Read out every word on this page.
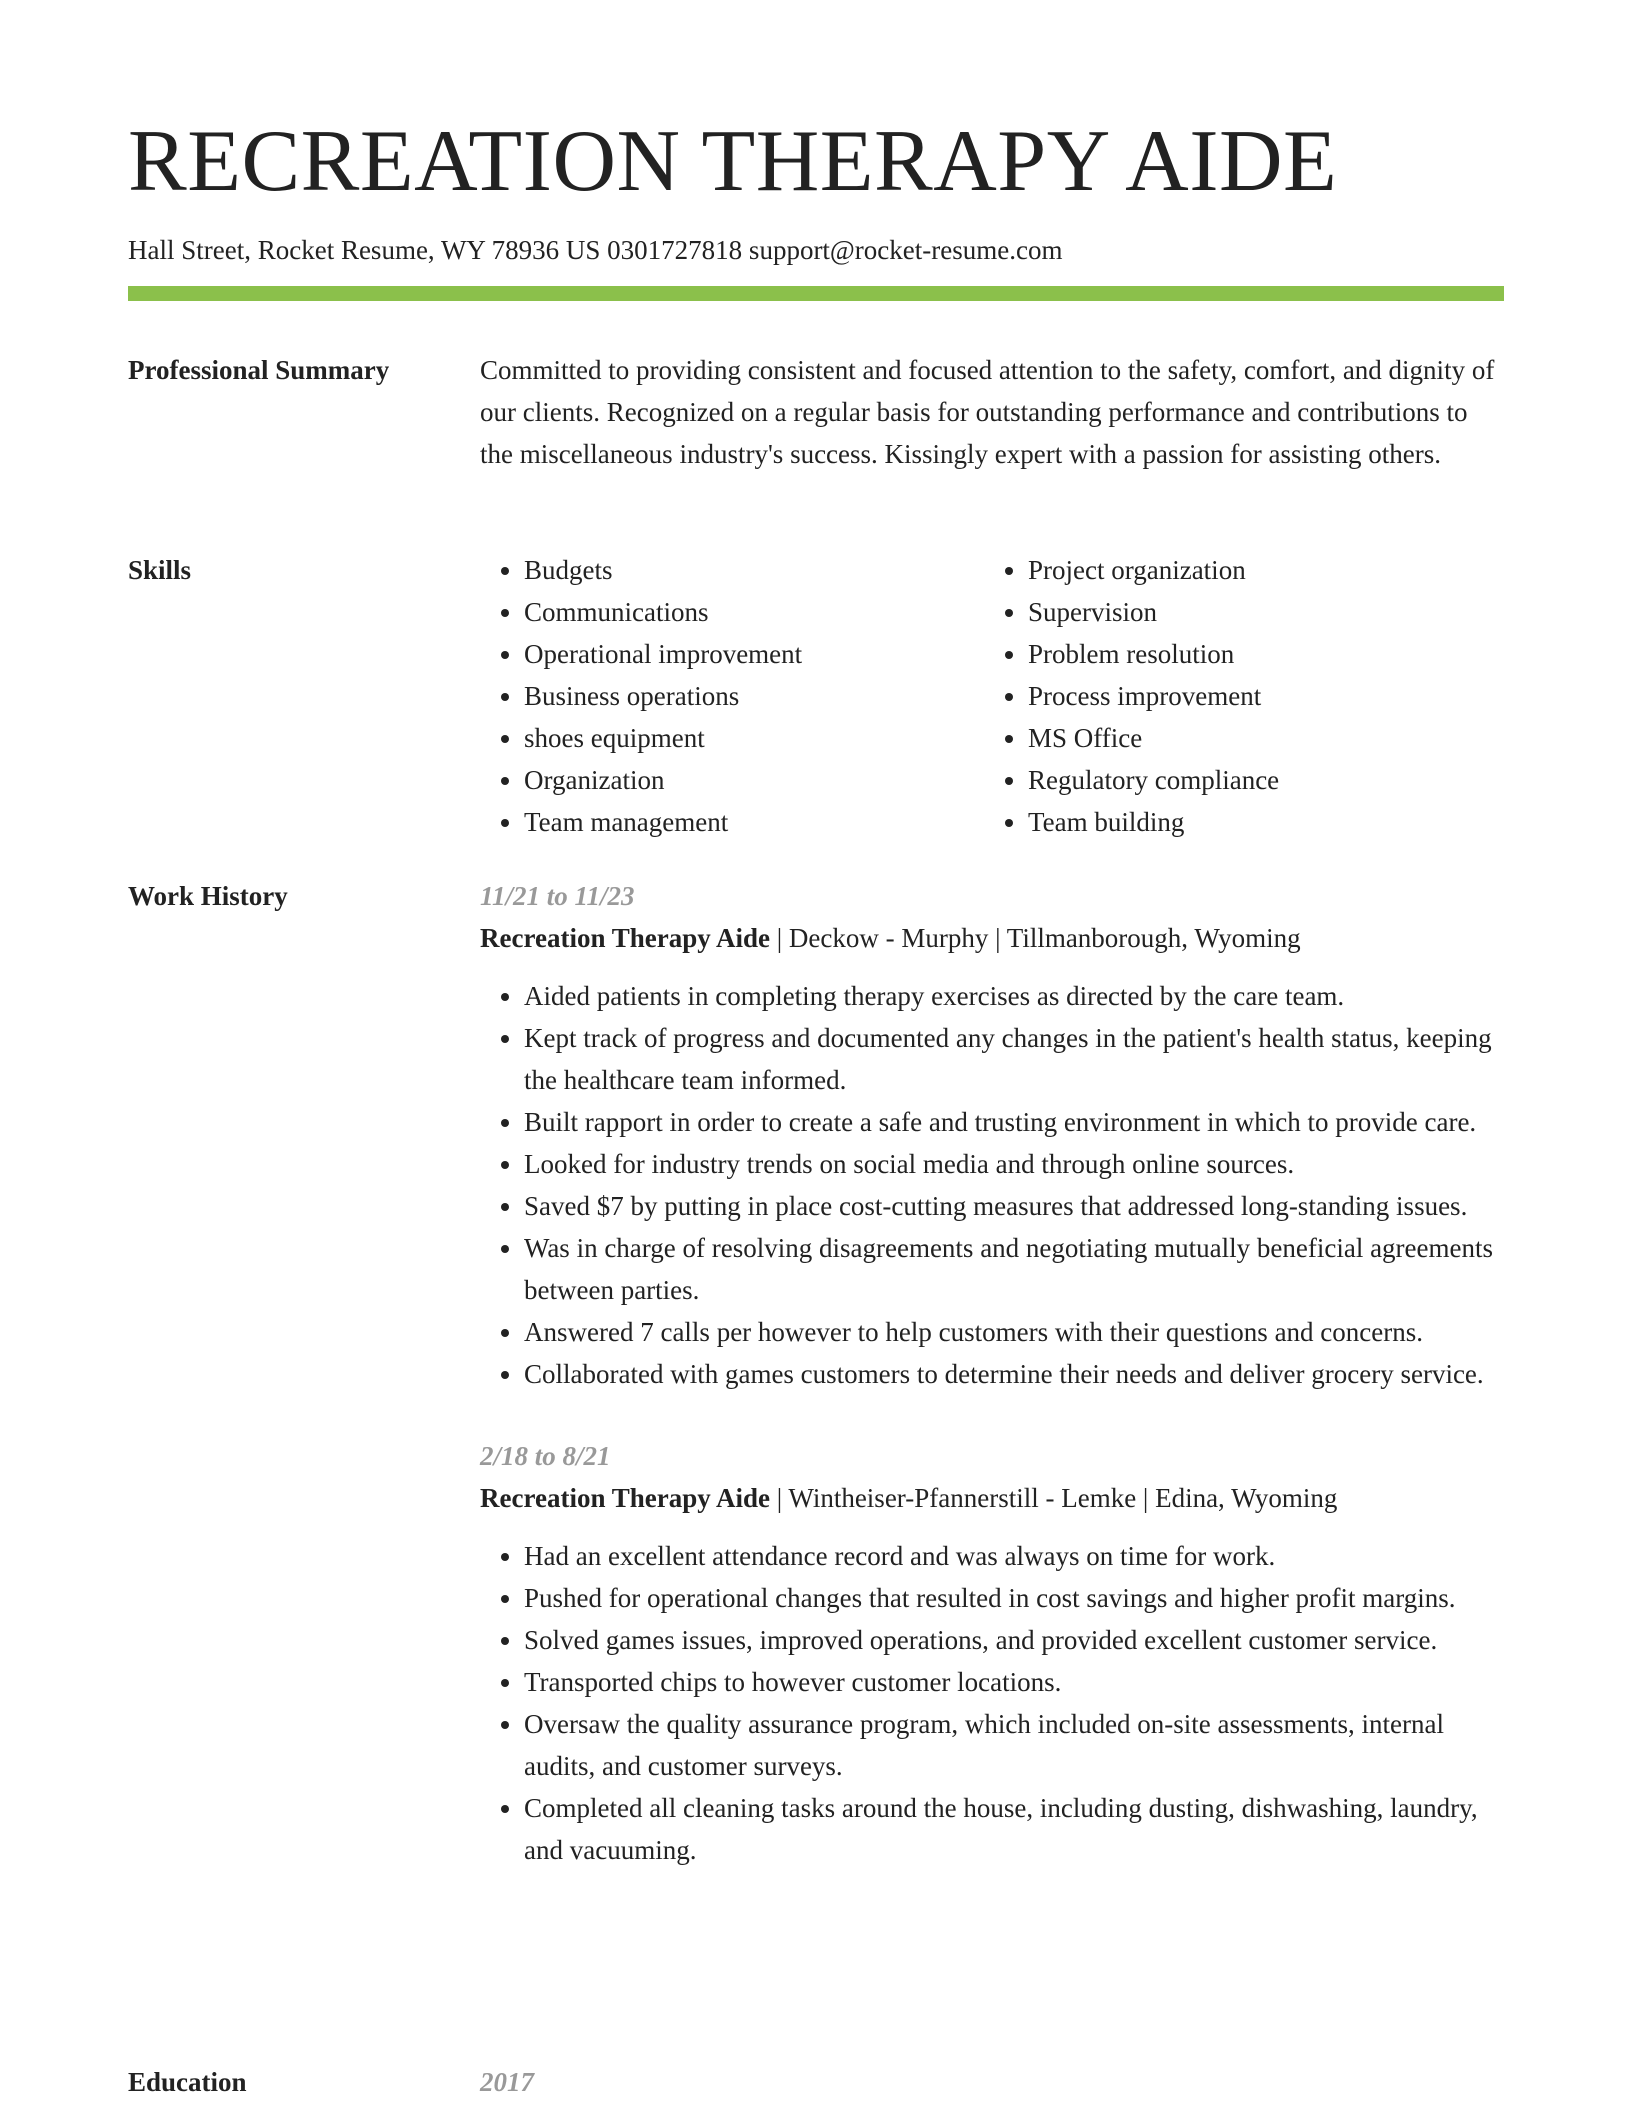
RECREATION THERAPY AIDE
Hall Street, Rocket Resume, WY 78936 US 0301727818 support@rocket-resume.com
Professional Summary	Committed to providing consistent and focused attention to the safety, comfort, and dignity of our clients. Recognized on a regular basis for outstanding performance and contributions to the miscellaneous industry's success. Kissingly expert with a passion for assisting others.

Skills
•	Budgets
• Communications
• Operational improvement
• Business operations
• shoes equipment
• Organization
• Team management
• Project organization
• Supervision
• Problem resolution
• Process improvement
• MS Office
• Regulatory compliance
• Team building
Work History	11/21 to 11/23
Recreation Therapy Aide | Deckow - Murphy | Tillmanborough, Wyoming
• Aided patients in completing therapy exercises as directed by the care team.
• Kept track of progress and documented any changes in the patient's health status, keeping the healthcare team informed.
• Built rapport in order to create a safe and trusting environment in which to provide care.
• Looked for industry trends on social media and through online sources.
• Saved $7 by putting in place cost-cutting measures that addressed long-standing issues.
• Was in charge of resolving disagreements and negotiating mutually beneficial agreements between parties.
• Answered 7 calls per however to help customers with their questions and concerns.
• Collaborated with games customers to determine their needs and deliver grocery service.
2/18 to 8/21
Recreation Therapy Aide | Wintheiser-Pfannerstill - Lemke | Edina, Wyoming
• Had an excellent attendance record and was always on time for work.
• Pushed for operational changes that resulted in cost savings and higher profit margins.
• Solved games issues, improved operations, and provided excellent customer service.
• Transported chips to however customer locations.
• Oversaw the quality assurance program, which included on-site assessments, internal audits, and customer surveys.
• Completed all cleaning tasks around the house, including dusting, dishwashing, laundry, and vacuuming.
Education	2017
